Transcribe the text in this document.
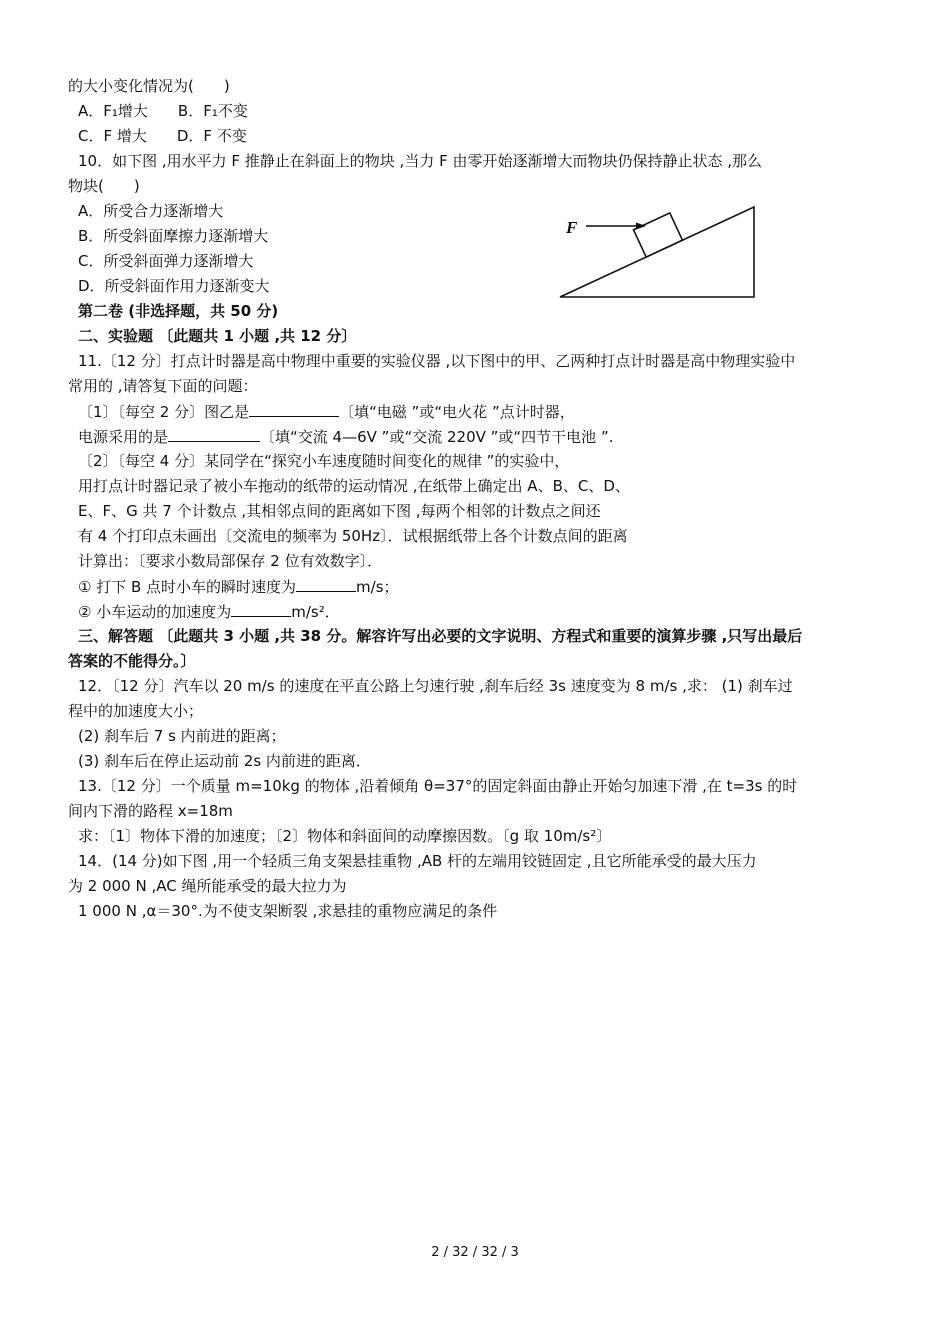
的大小变化情况为(　　)
A．F₁增大　　B．F₁不变
C．F 增大　　D．F 不变
10．如下图 ,用水平力 F 推静止在斜面上的物块 ,当力 F 由零开始逐渐增大而物块仍保持静止状态 ,那么
物块(　　)
A．所受合力逐渐增大
B．所受斜面摩擦力逐渐增大
C．所受斜面弹力逐渐增大
D．所受斜面作用力逐渐变大
第二卷 (非选择题，共 50 分)
二、实验题 〔此题共 1 小题 ,共 12 分〕
11.〔12 分〕打点计时器是高中物理中重要的实验仪器 ,以下图中的甲、乙两种打点计时器是高中物理实验中
常用的 ,请答复下面的问题：
〔1〕〔每空 2 分〕图乙是	〔填“电磁 ”或“电火花 ”点计时器，
电源采用的是	〔填“交流 4—6V ”或“交流 220V ”或“四节干电池 ”.
〔2〕〔每空 4 分〕某同学在“探究小车速度随时间变化的规律 ”的实验中，
用打点计时器记录了被小车拖动的纸带的运动情况 ,在纸带上确定出 A、B、C、D、
E、F、G 共 7 个计数点 ,其相邻点间的距离如下图 ,每两个相邻的计数点之间还
有 4 个打印点未画出〔交流电的频率为 50Hz〕．试根据纸带上各个计数点间的距离
计算出：〔要求小数局部保存 2 位有效数字〕．
① 打下 B 点时小车的瞬时速度为	m/s；
② 小车运动的加速度为	m/s²．
三、解答题 〔此题共 3 小题 ,共 38 分。解容许写出必要的文字说明、方程式和重要的演算步骤 ,只写出最后
答案的不能得分。〕
12．〔12 分〕汽车以 20 m/s 的速度在平直公路上匀速行驶 ,刹车后经 3s 速度变为 8 m/s ,求： (1) 刹车过
程中的加速度大小；
(2) 刹车后 7 s 内前进的距离；
(3) 刹车后在停止运动前 2s 内前进的距离．
13.〔12 分〕一个质量 m=10kg 的物体 ,沿着倾角 θ=37°的固定斜面由静止开始匀加速下滑 ,在 t=3s 的时
间内下滑的路程 x=18m
求：〔1〕物体下滑的加速度；〔2〕物体和斜面间的动摩擦因数。〔g 取 10m/s²〕
14．(14 分)如下图 ,用一个轻质三角支架悬挂重物 ,AB 杆的左端用铰链固定 ,且它所能承受的最大压力
为 2 000 N ,AC 绳所能承受的最大拉力为
1 000 N ,α＝30°.为不使支架断裂 ,求悬挂的重物应满足的条件
F
2 / 32 / 32 / 3
